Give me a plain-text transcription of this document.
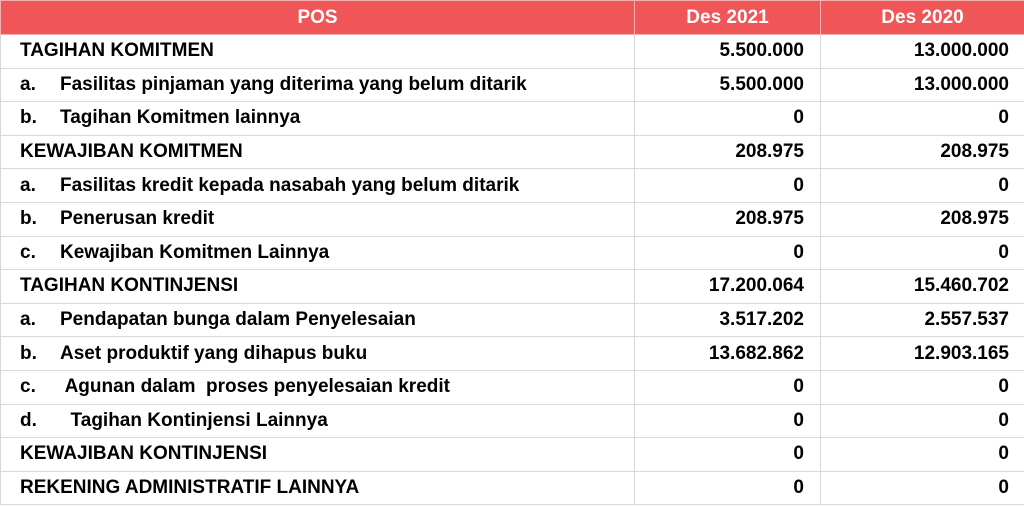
POS	Des 2021	Des 2020
TAGIHAN KOMITMEN	5.500.000	13.000.000
a. Fasilitas pinjaman yang diterima yang belum ditarik	5.500.000	13.000.000
b. Tagihan Komitmen lainnya	0	0
KEWAJIBAN KOMITMEN	208.975	208.975
a. Fasilitas kredit kepada nasabah yang belum ditarik	0	0
b. Penerusan kredit	208.975	208.975
c. Kewajiban Komitmen Lainnya	0	0
TAGIHAN KONTINJENSI	17.200.064	15.460.702
a. Pendapatan bunga dalam Penyelesaian	3.517.202	2.557.537
b. Aset produktif yang dihapus buku	13.682.862	12.903.165
c. Agunan dalam  proses penyelesaian kredit	0	0
d.  Tagihan Kontinjensi Lainnya	0	0
KEWAJIBAN KONTINJENSI	0	0
REKENING ADMINISTRATIF LAINNYA	0	0
